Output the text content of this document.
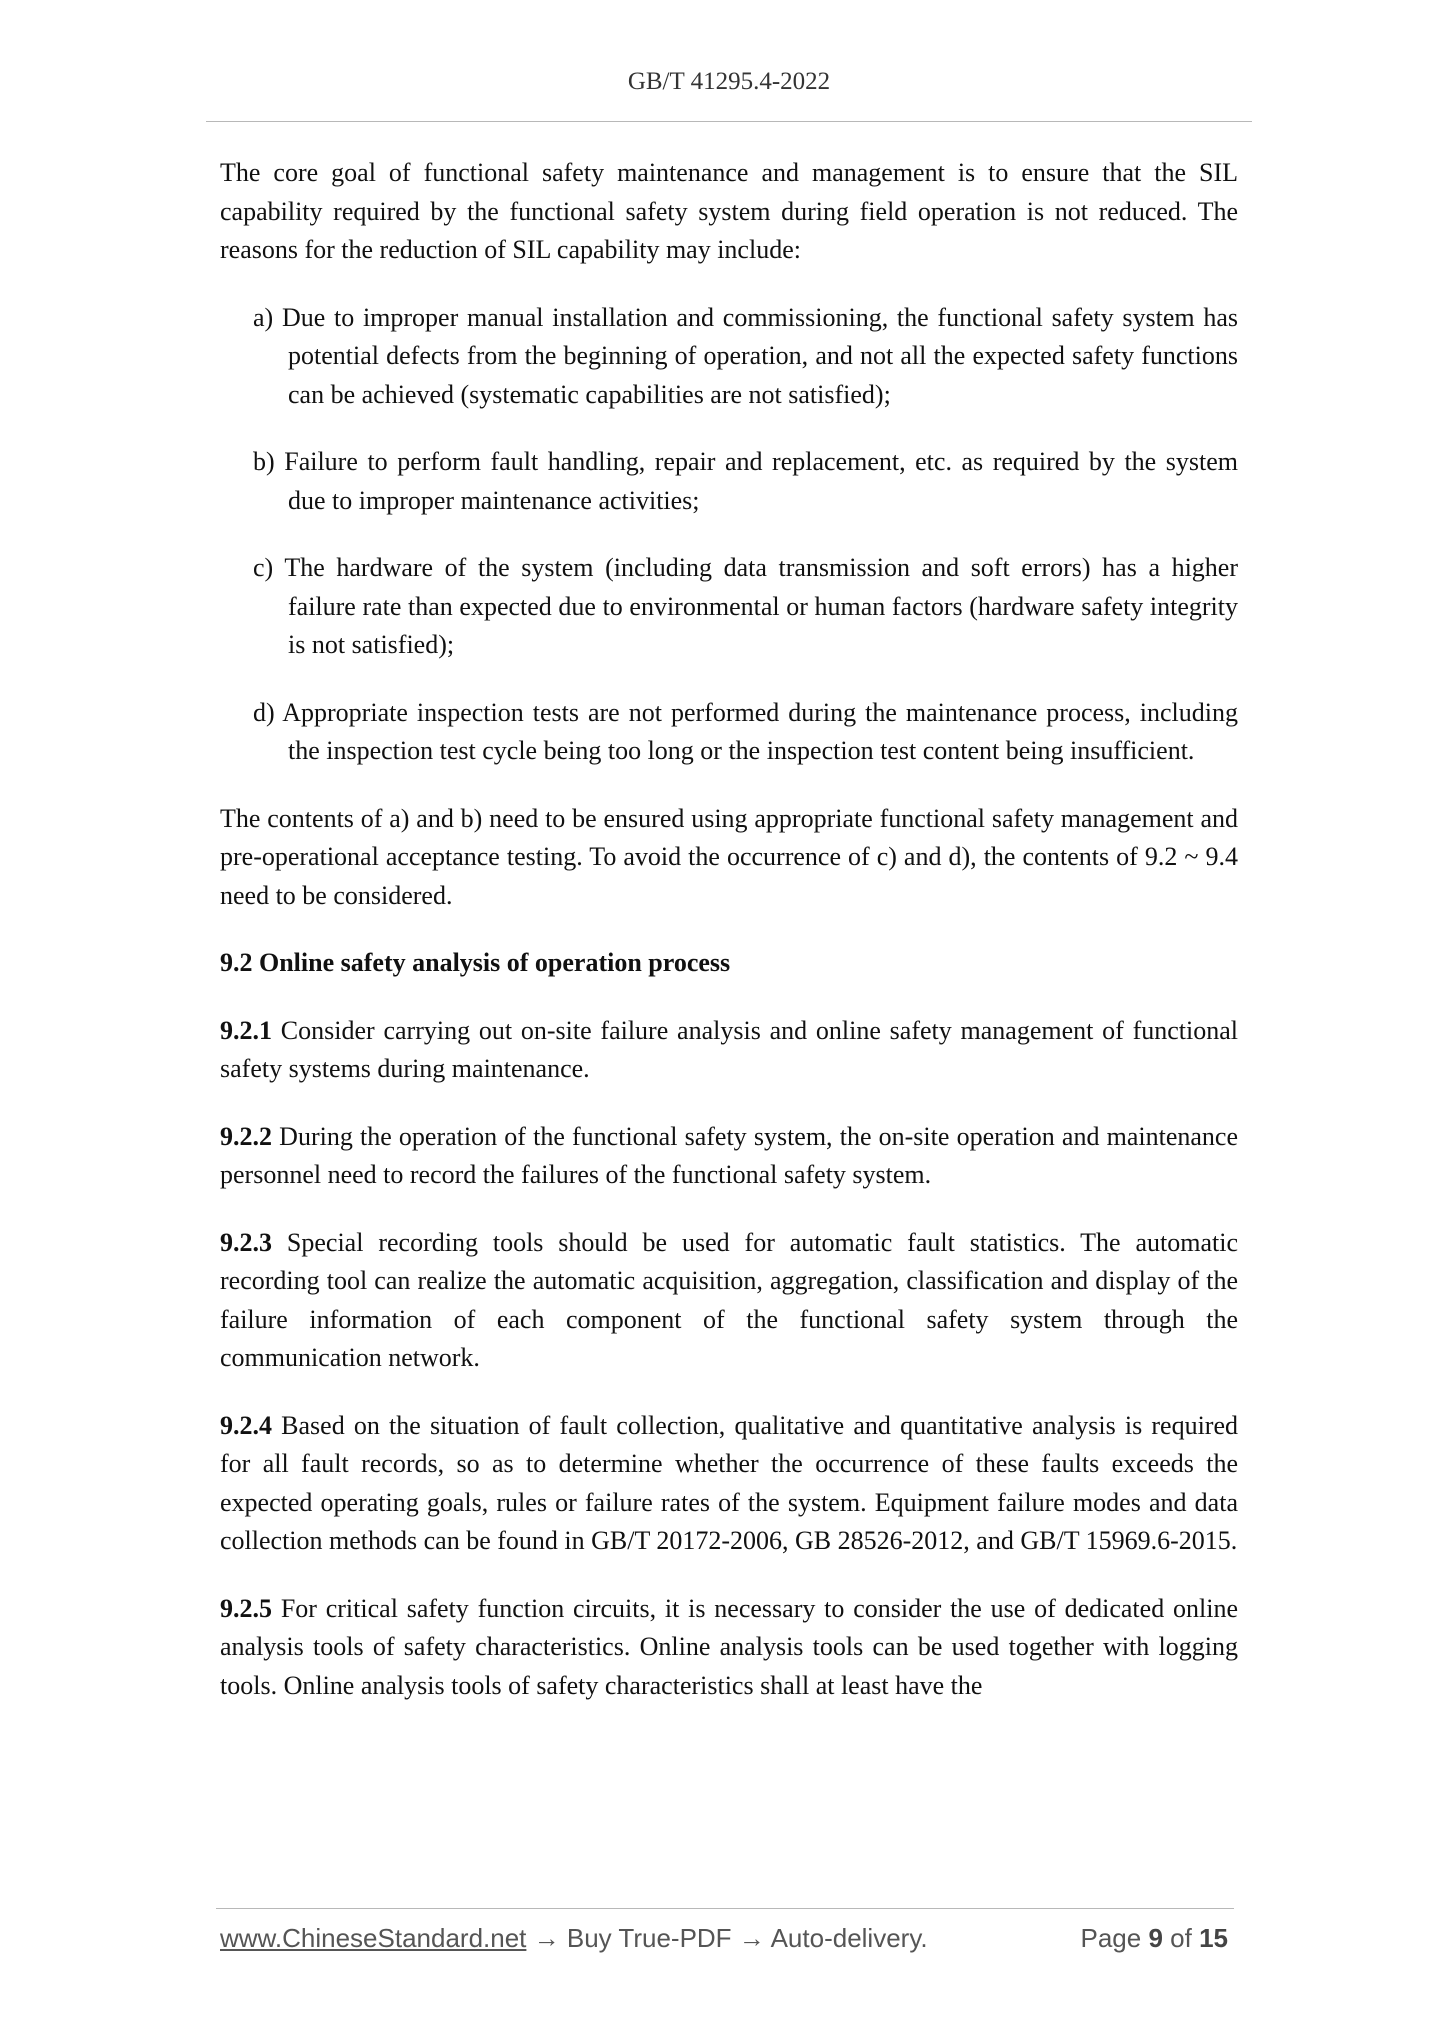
GB/T 41295.4-2022

The core goal of functional safety maintenance and management is to ensure that the SIL capability required by the functional safety system during field operation is not reduced. The reasons for the reduction of SIL capability may include:

a) Due to improper manual installation and commissioning, the functional safety system has potential defects from the beginning of operation, and not all the expected safety functions can be achieved (systematic capabilities are not satisfied);
b) Failure to perform fault handling, repair and replacement, etc. as required by the system due to improper maintenance activities;
c) The hardware of the system (including data transmission and soft errors) has a higher failure rate than expected due to environmental or human factors (hardware safety integrity is not satisfied);
d) Appropriate inspection tests are not performed during the maintenance process, including the inspection test cycle being too long or the inspection test content being insufficient.

The contents of a) and b) need to be ensured using appropriate functional safety management and pre-operational acceptance testing. To avoid the occurrence of c) and d), the contents of 9.2 ~ 9.4 need to be considered.

9.2 Online safety analysis of operation process

9.2.1 Consider carrying out on-site failure analysis and online safety management of functional safety systems during maintenance.

9.2.2 During the operation of the functional safety system, the on-site operation and maintenance personnel need to record the failures of the functional safety system.

9.2.3 Special recording tools should be used for automatic fault statistics. The automatic recording tool can realize the automatic acquisition, aggregation, classification and display of the failure information of each component of the functional safety system through the communication network.

9.2.4 Based on the situation of fault collection, qualitative and quantitative analysis is required for all fault records, so as to determine whether the occurrence of these faults exceeds the expected operating goals, rules or failure rates of the system. Equipment failure modes and data collection methods can be found in GB/T 20172-2006, GB 28526-2012, and GB/T 15969.6-2015.

9.2.5 For critical safety function circuits, it is necessary to consider the use of dedicated online analysis tools of safety characteristics. Online analysis tools can be used together with logging tools. Online analysis tools of safety characteristics shall at least have the

www.ChineseStandard.net → Buy True-PDF → Auto-delivery.	Page 9 of 15
